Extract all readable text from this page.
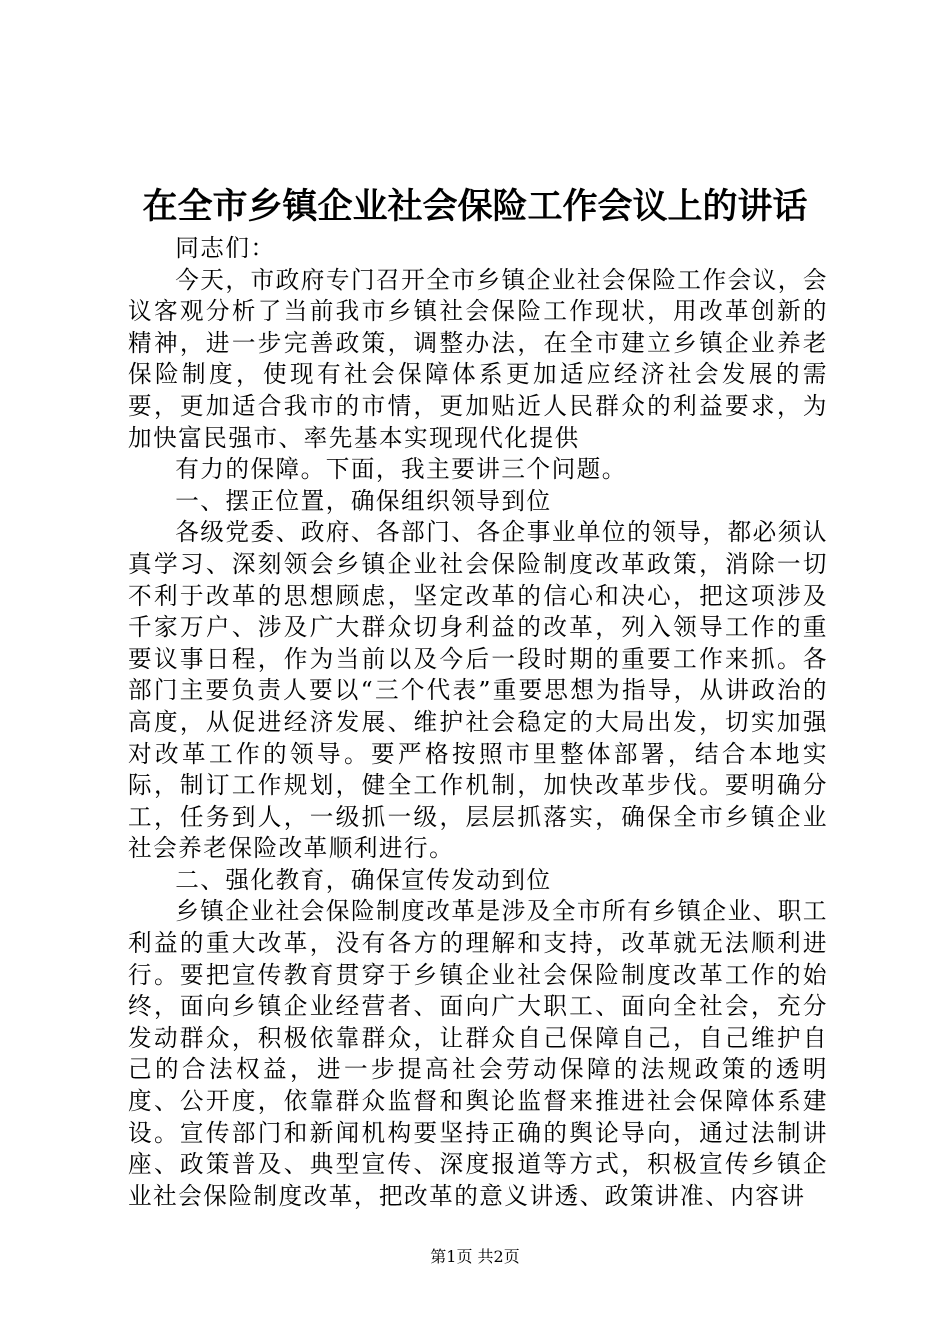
在全市乡镇企业社会保险工作会议上的讲话

同志们：

今天，市政府专门召开全市乡镇企业社会保险工作会议，会议客观分析了当前我市乡镇社会保险工作现状，用改革创新的精神，进一步完善政策，调整办法，在全市建立乡镇企业养老保险制度，使现有社会保障体系更加适应经济社会发展的需要，更加适合我市的市情，更加贴近人民群众的利益要求，为加快富民强市、率先基本实现现代化提供

有力的保障。下面，我主要讲三个问题。

一、摆正位置，确保组织领导到位

各级党委、政府、各部门、各企事业单位的领导，都必须认真学习、深刻领会乡镇企业社会保险制度改革政策，消除一切不利于改革的思想顾虑，坚定改革的信心和决心，把这项涉及千家万户、涉及广大群众切身利益的改革，列入领导工作的重要议事日程，作为当前以及今后一段时期的重要工作来抓。各部门主要负责人要以“三个代表”重要思想为指导，从讲政治的高度，从促进经济发展、维护社会稳定的大局出发，切实加强对改革工作的领导。要严格按照市里整体部署，结合本地实际，制订工作规划，健全工作机制，加快改革步伐。要明确分工，任务到人，一级抓一级，层层抓落实，确保全市乡镇企业社会养老保险改革顺利进行。

二、强化教育，确保宣传发动到位

乡镇企业社会保险制度改革是涉及全市所有乡镇企业、职工利益的重大改革，没有各方的理解和支持，改革就无法顺利进行。要把宣传教育贯穿于乡镇企业社会保险制度改革工作的始终，面向乡镇企业经营者、面向广大职工、面向全社会，充分发动群众，积极依靠群众，让群众自己保障自己，自己维护自己的合法权益，进一步提高社会劳动保障的法规政策的透明度、公开度，依靠群众监督和舆论监督来推进社会保障体系建设。宣传部门和新闻机构要坚持正确的舆论导向，通过法制讲座、政策普及、典型宣传、深度报道等方式，积极宣传乡镇企业社会保险制度改革，把改革的意义讲透、政策讲准、内容讲

第1页 共2页
